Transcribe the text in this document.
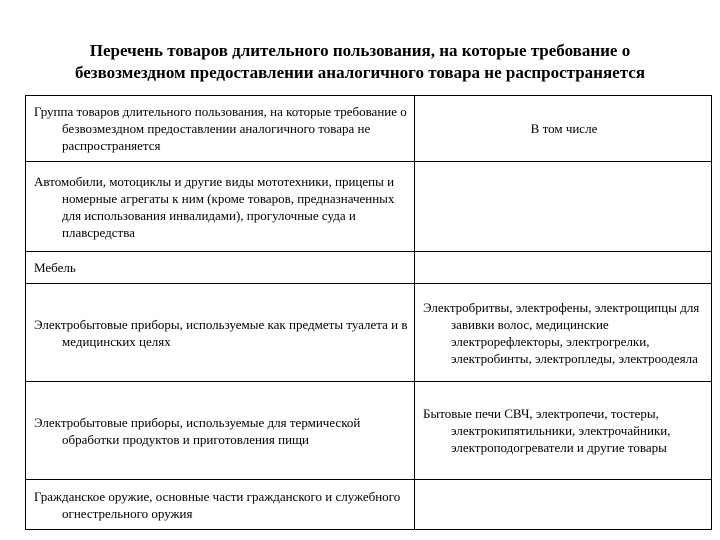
Перечень товаров длительного пользования, на которые требование о
безвозмездном предоставлении аналогичного товара не распространяется
Группа товаров длительного пользования, на которые требование о безвозмездном предоставлении аналогичного товара не распространяется	В том числе
Автомобили, мотоциклы и другие виды мототехники, прицепы и номерные агрегаты к ним (кроме товаров, предназначенных для использования инвалидами), прогулочные суда и плавсредства	
Мебель	
Электробытовые приборы, используемые как предметы туалета и в медицинских целях	Электробритвы, электрофены, электрощипцы для завивки волос, медицинские электрорефлекторы, электрогрелки, электробинты, электропледы, электроодеяла
Электробытовые приборы, используемые для термической обработки продуктов и приготовления пищи	Бытовые печи СВЧ, электропечи, тостеры, электрокипятильники, электрочайники, электроподогреватели и другие товары
Гражданское оружие, основные части гражданского и служебного огнестрельного оружия	
